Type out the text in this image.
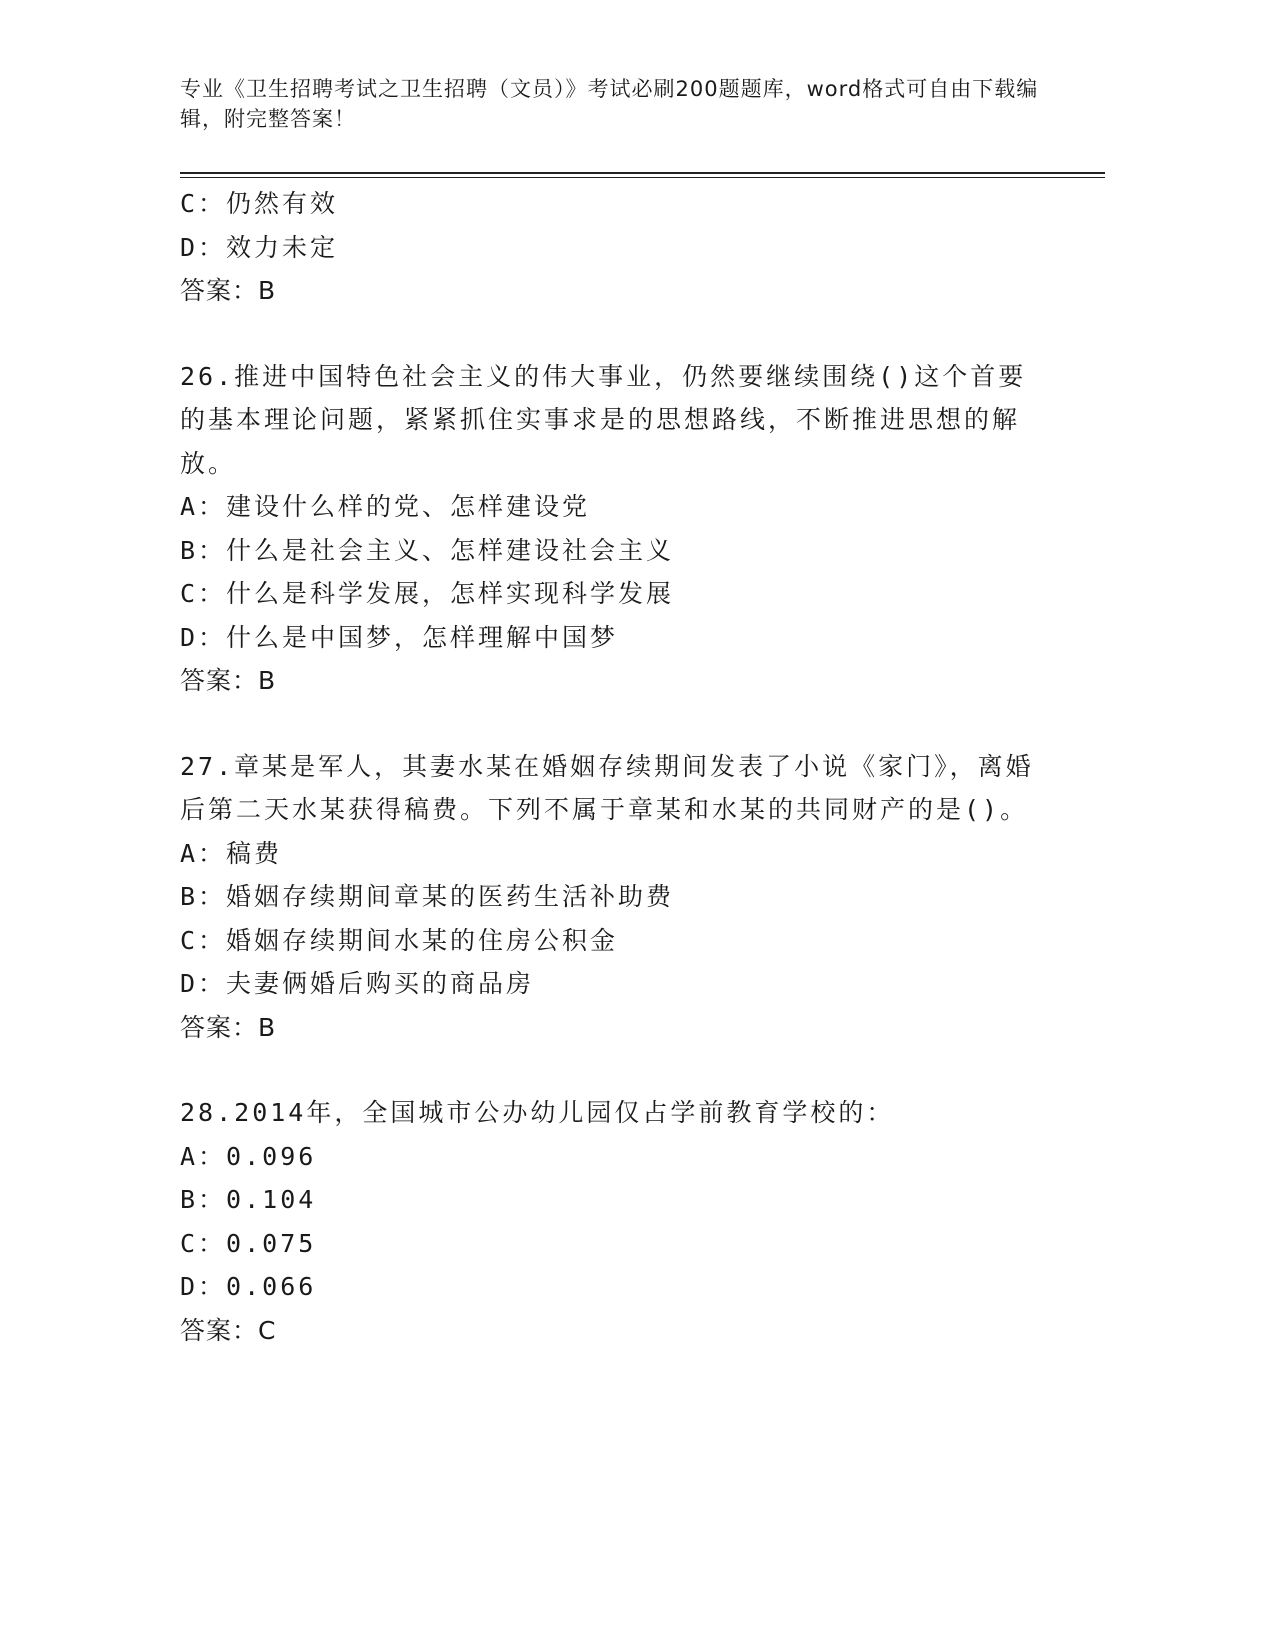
专业《卫生招聘考试之卫生招聘（文员）》考试必刷200题题库，word格式可自由下载编辑，附完整答案！
C：仍然有效
D：效力未定
答案：B
26.推进中国特色社会主义的伟大事业，仍然要继续围绕()这个首要的基本理论问题，紧紧抓住实事求是的思想路线，不断推进思想的解放。
A：建设什么样的党、怎样建设党
B：什么是社会主义、怎样建设社会主义
C：什么是科学发展，怎样实现科学发展
D：什么是中国梦，怎样理解中国梦
答案：B
27.章某是军人，其妻水某在婚姻存续期间发表了小说《家门》，离婚后第二天水某获得稿费。下列不属于章某和水某的共同财产的是()。
A：稿费
B：婚姻存续期间章某的医药生活补助费
C：婚姻存续期间水某的住房公积金
D：夫妻俩婚后购买的商品房
答案：B
28.2014年，全国城市公办幼儿园仅占学前教育学校的：
A：0.096
B：0.104
C：0.075
D：0.066
答案：C
